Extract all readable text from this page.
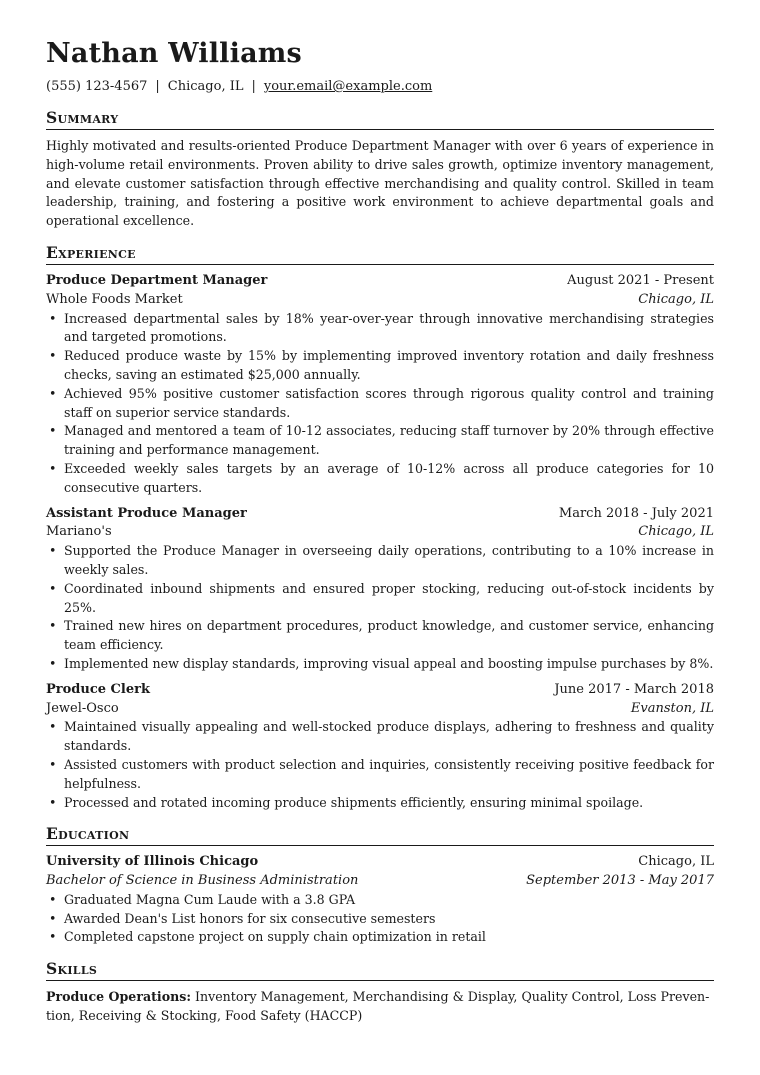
Nathan Williams
(555) 123-4567 | Chicago, IL | your.email@example.com
Summary
Highly motivated and results-oriented Produce Department Manager with over 6 years of experience in high-volume retail environments. Proven ability to drive sales growth, optimize inventory management, and elevate customer satisfaction through effective merchandising and quality control. Skilled in team leadership, training, and fostering a positive work environment to achieve departmental goals and operational excellence.
Experience
Produce Department Manager	August 2021 - Present
Whole Foods Market	Chicago, IL
• Increased departmental sales by 18% year-over-year through innovative merchandising strategies and targeted promotions.
• Reduced produce waste by 15% by implementing improved inventory rotation and daily freshness checks, saving an estimated $25,000 annually.
• Achieved 95% positive customer satisfaction scores through rigorous quality control and training staff on superior service standards.
• Managed and mentored a team of 10-12 associates, reducing staff turnover by 20% through effective training and performance management.
• Exceeded weekly sales targets by an average of 10-12% across all produce categories for 10 consecutive quarters.
Assistant Produce Manager	March 2018 - July 2021
Mariano's	Chicago, IL
• Supported the Produce Manager in overseeing daily operations, contributing to a 10% increase in weekly sales.
• Coordinated inbound shipments and ensured proper stocking, reducing out-of-stock incidents by 25%.
• Trained new hires on department procedures, product knowledge, and customer service, enhancing team efficiency.
• Implemented new display standards, improving visual appeal and boosting impulse purchases by 8%.
Produce Clerk	June 2017 - March 2018
Jewel-Osco	Evanston, IL
• Maintained visually appealing and well-stocked produce displays, adhering to freshness and quality standards.
• Assisted customers with product selection and inquiries, consistently receiving positive feedback for helpfulness.
• Processed and rotated incoming produce shipments efficiently, ensuring minimal spoilage.
Education
University of Illinois Chicago	Chicago, IL
Bachelor of Science in Business Administration	September 2013 - May 2017
• Graduated Magna Cum Laude with a 3.8 GPA
• Awarded Dean's List honors for six consecutive semesters
• Completed capstone project on supply chain optimization in retail
Skills
Produce Operations: Inventory Management, Merchandising & Display, Quality Control, Loss Prevention, Receiving & Stocking, Food Safety (HACCP)
